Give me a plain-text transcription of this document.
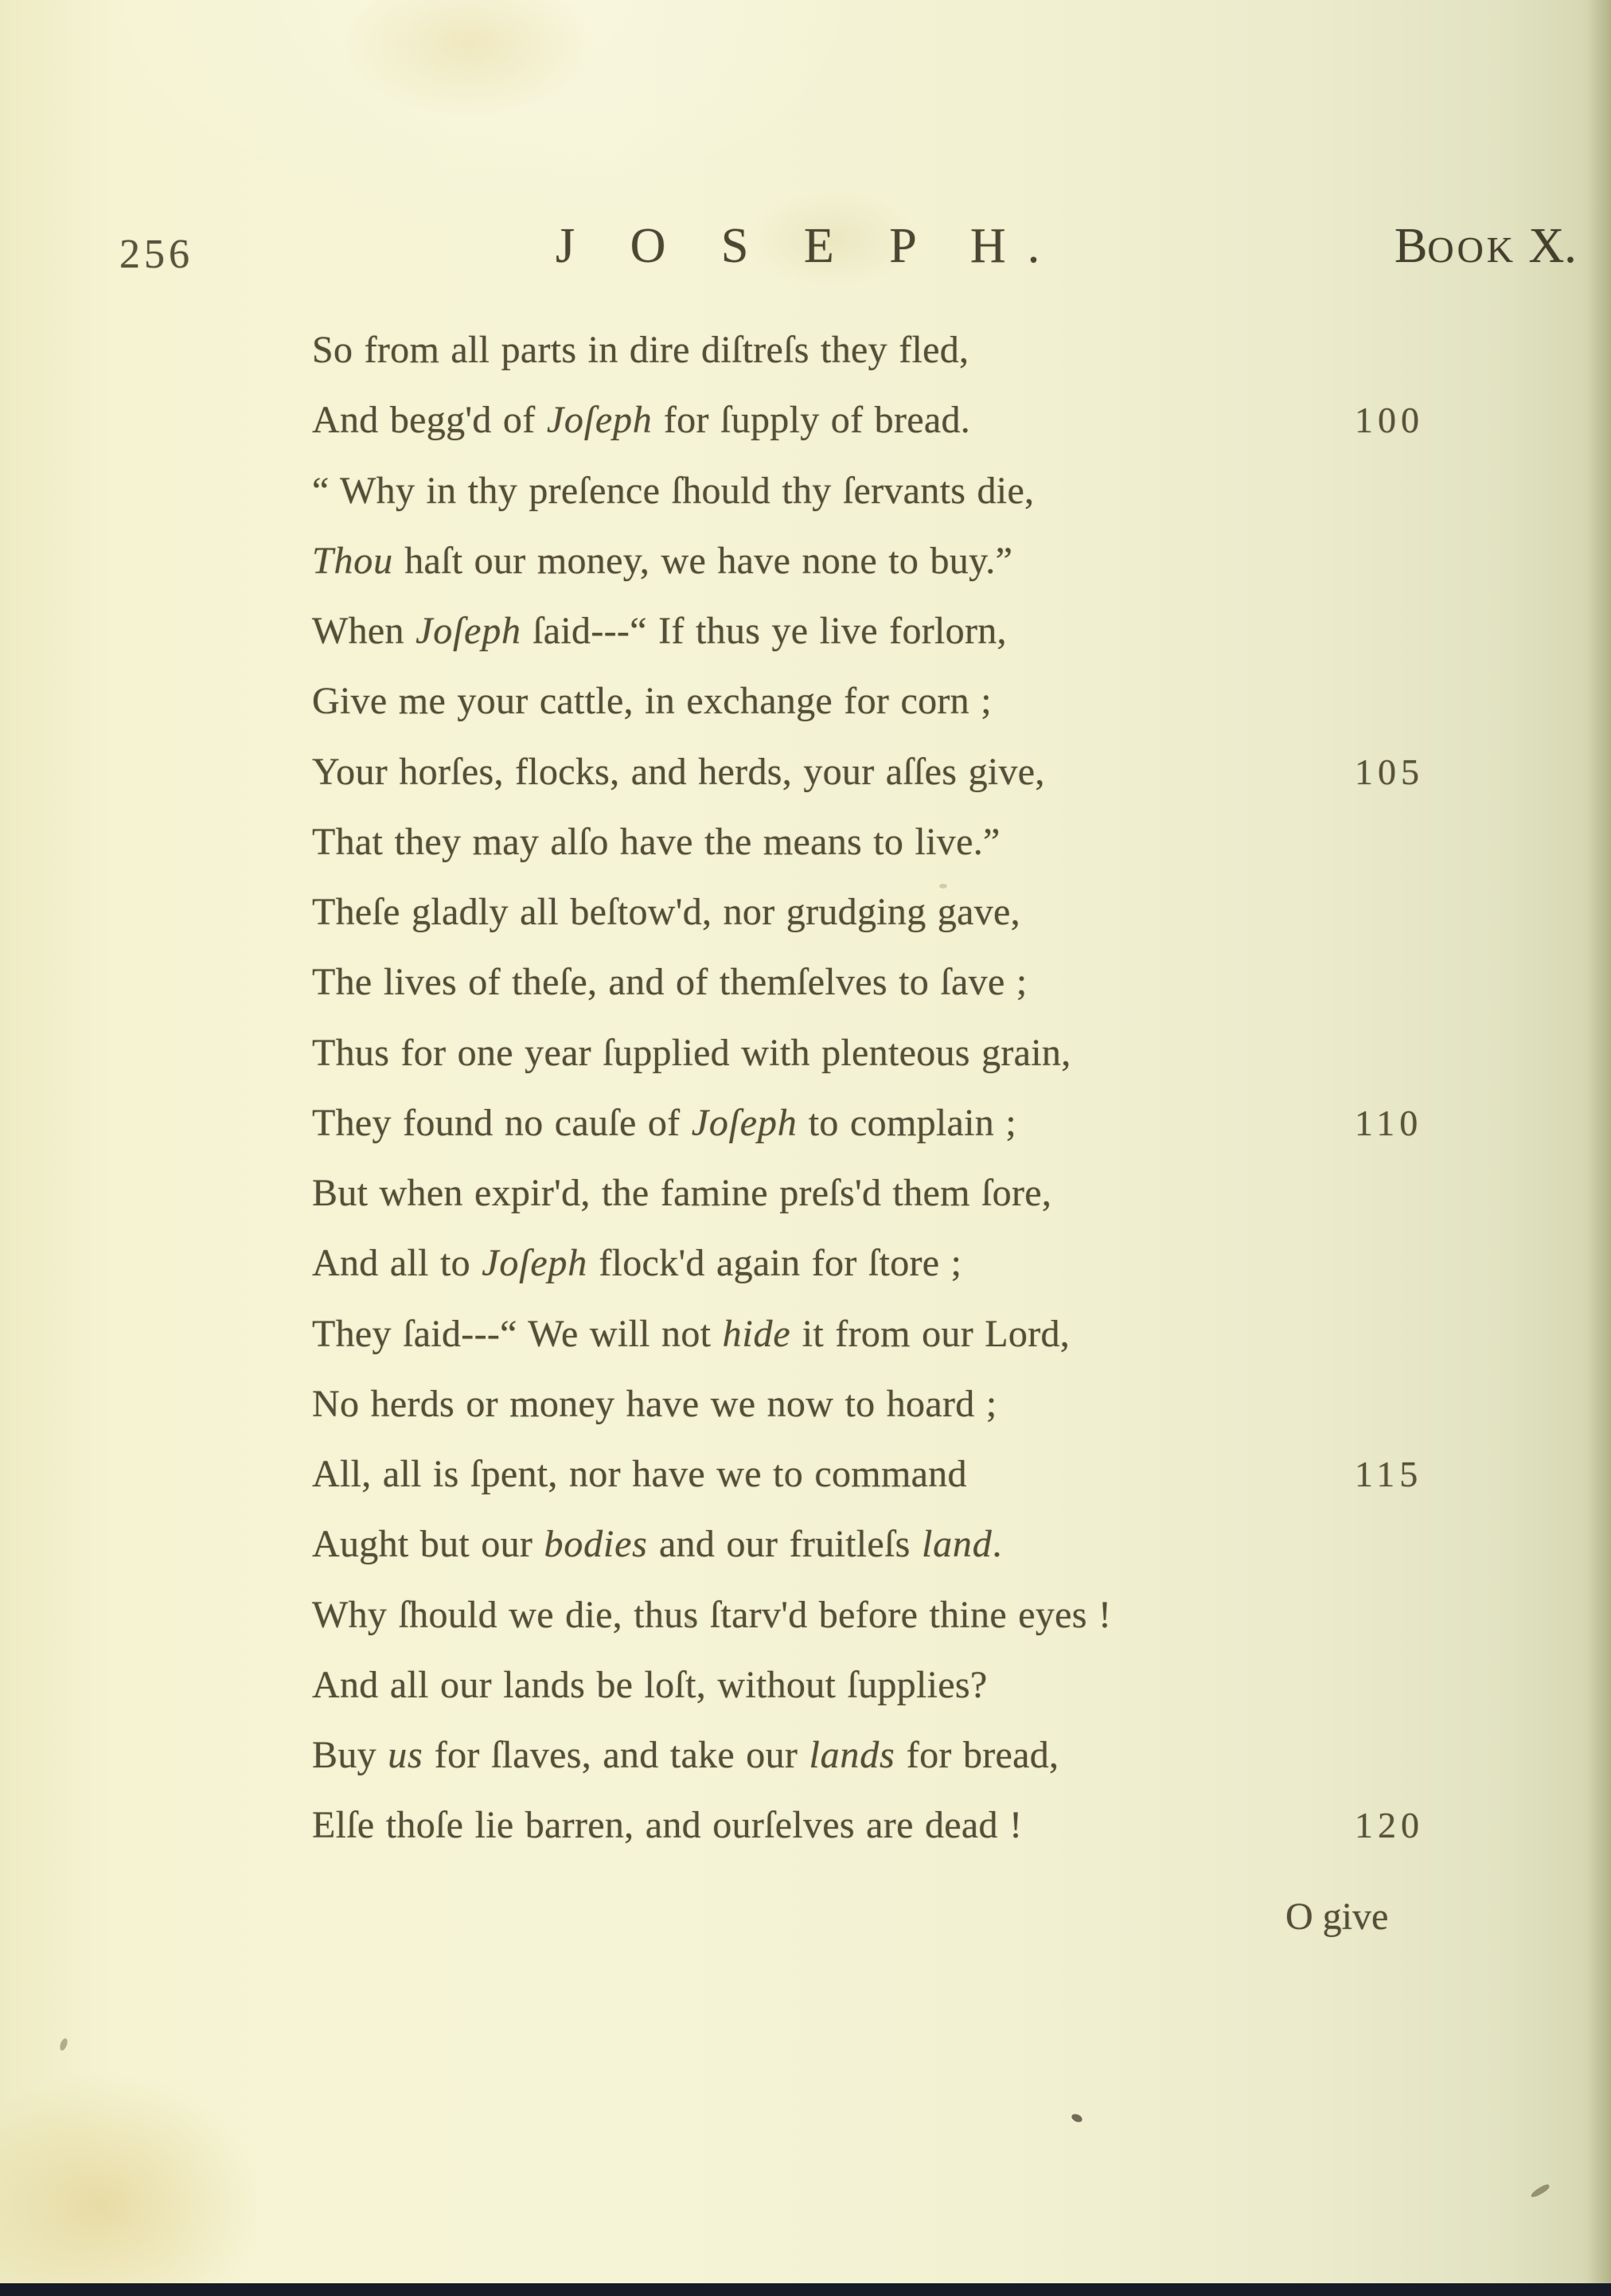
256	J O S E P H.	BOOK X.
So from all parts in dire diſtreſs they fled,
And begg'd of Joſeph for ſupply of bread.	100
“ Why in thy preſence ſhould thy ſervants die,
Thou haſt our money, we have none to buy.”
When Joſeph ſaid---“ If thus ye live forlorn,
Give me your cattle, in exchange for corn ;
Your horſes, flocks, and herds, your aſſes give,	105
That they may alſo have the means to live.”
Theſe gladly all beſtow'd, nor grudging gave,
The lives of theſe, and of themſelves to ſave ;
Thus for one year ſupplied with plenteous grain,
They found no cauſe of Joſeph to complain ;	110
But when expir'd, the famine preſs'd them ſore,
And all to Joſeph flock'd again for ſtore ;
They ſaid---“ We will not hide it from our Lord,
No herds or money have we now to hoard ;
All, all is ſpent, nor have we to command	115
Aught but our bodies and our fruitleſs land.
Why ſhould we die, thus ſtarv'd before thine eyes !
And all our lands be loſt, without ſupplies?
Buy us for ſlaves, and take our lands for bread,
Elſe thoſe lie barren, and ourſelves are dead !	120
O give
